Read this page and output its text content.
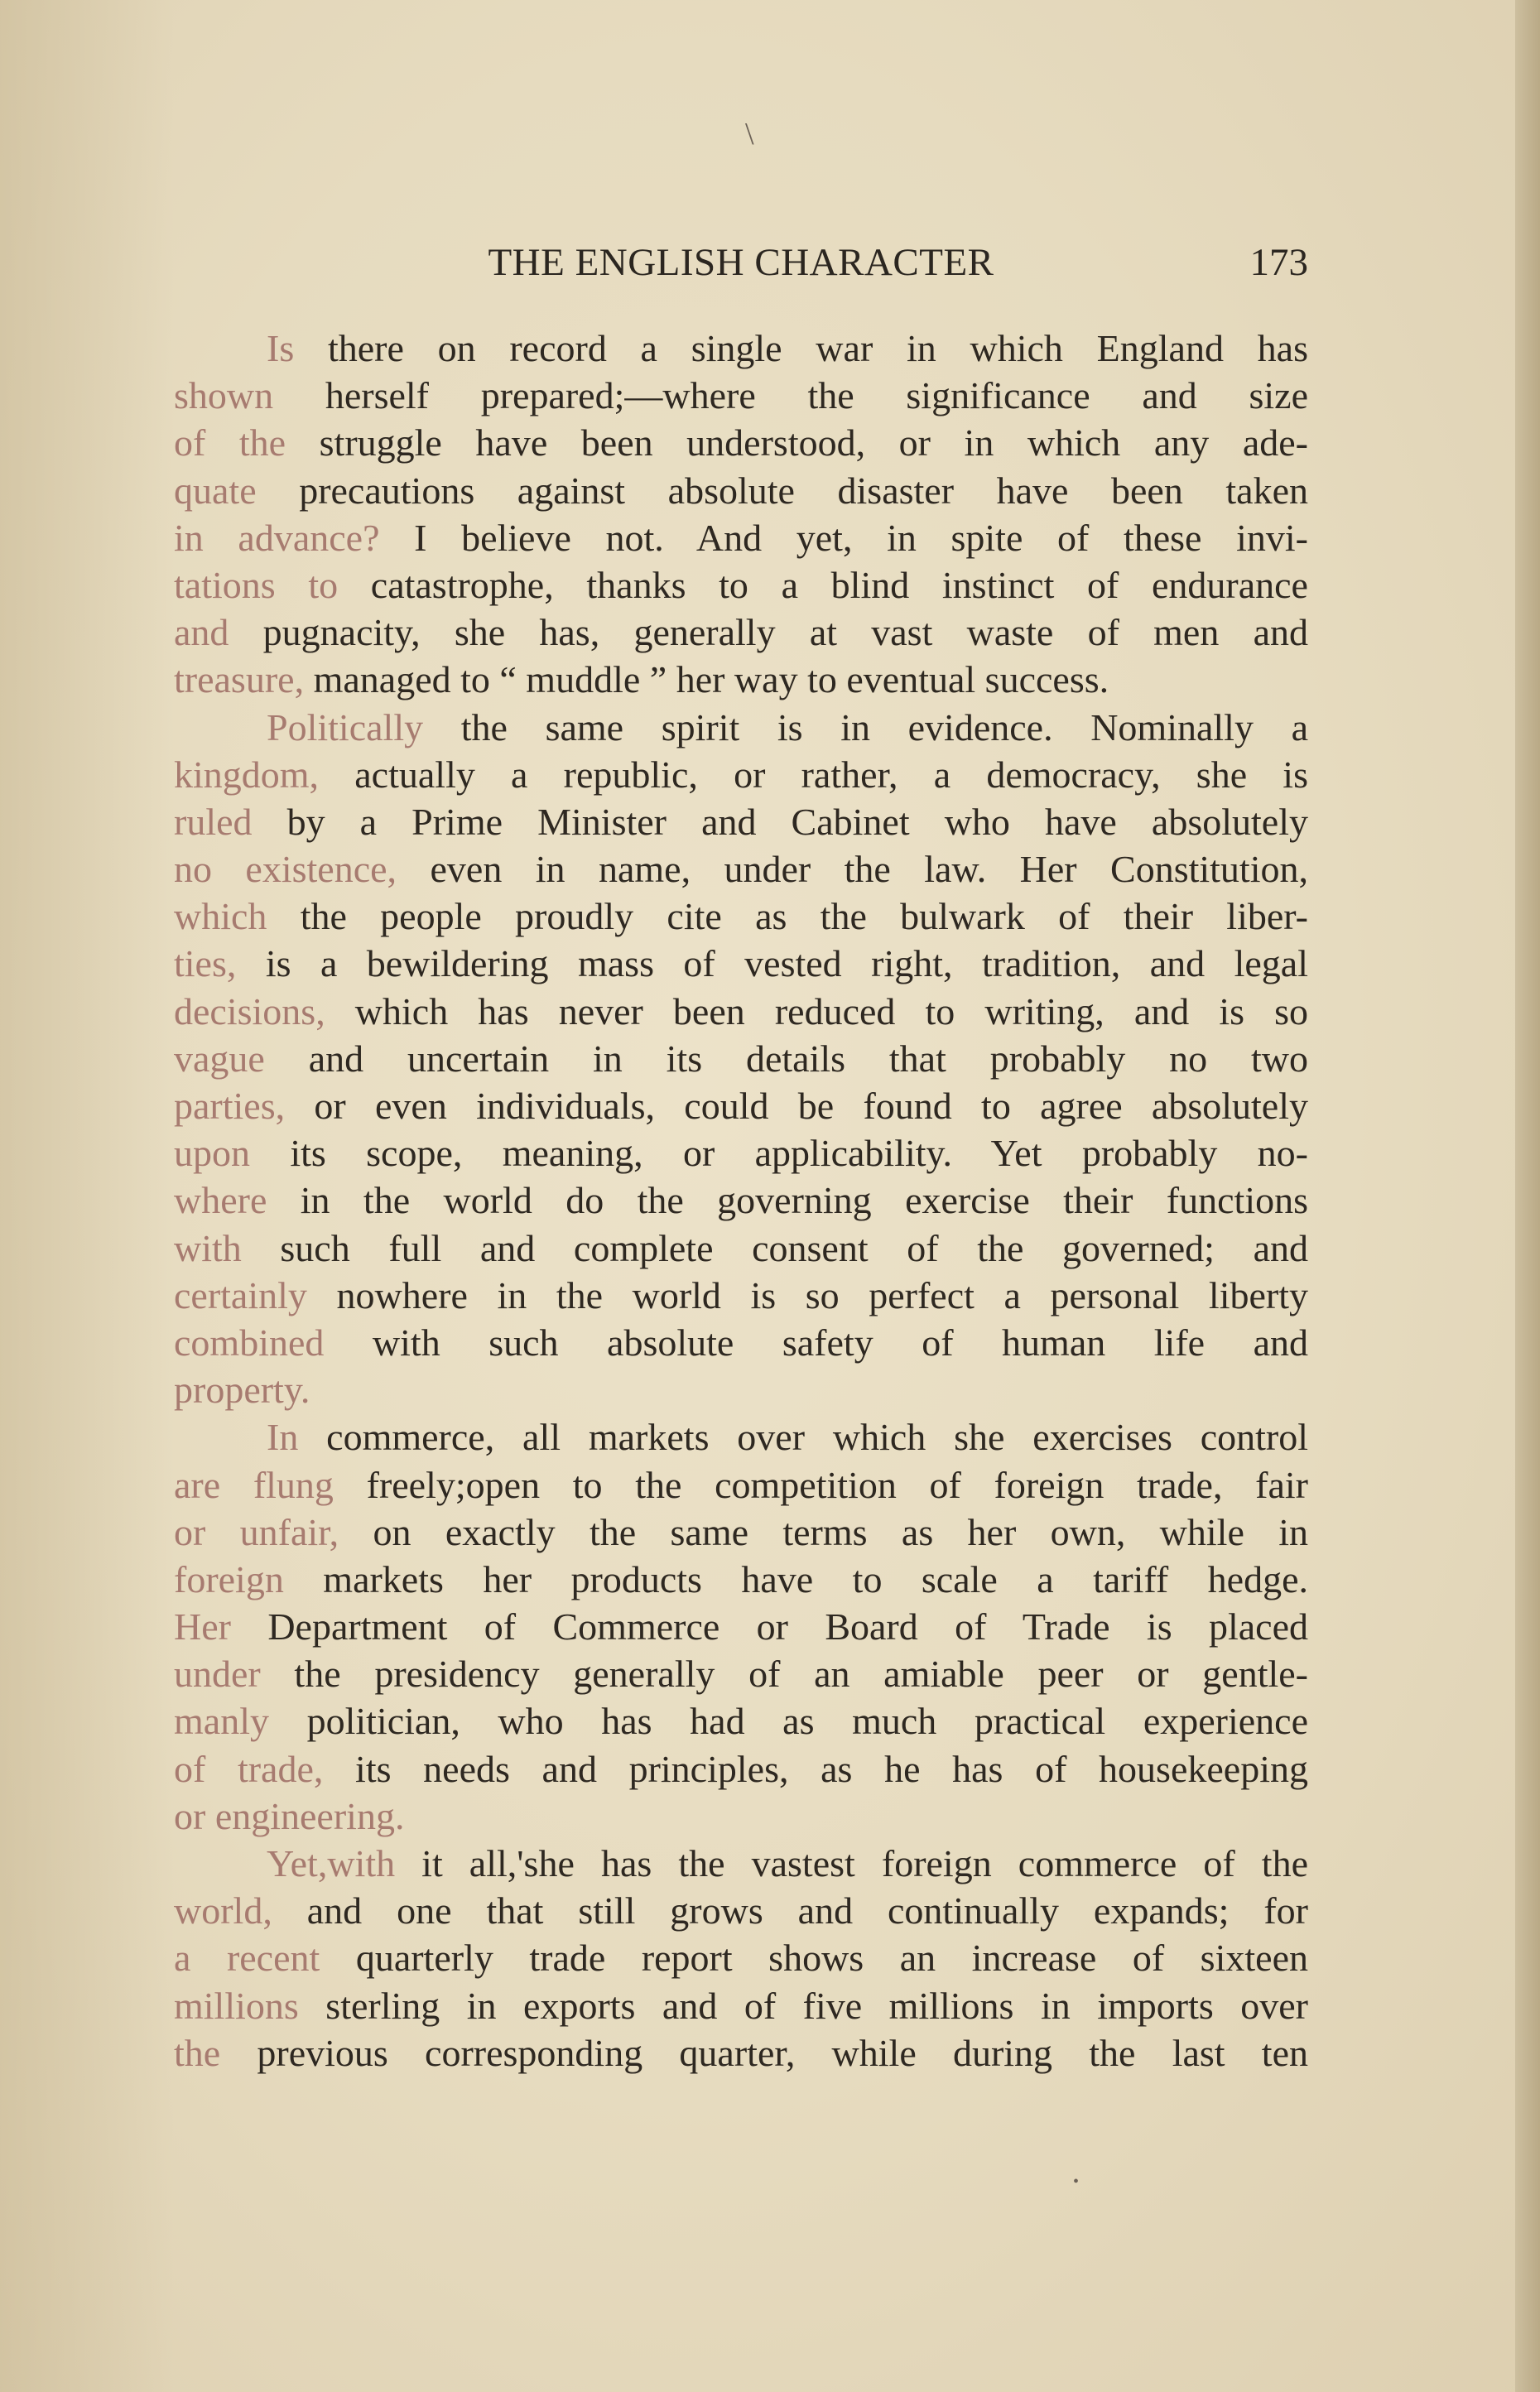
THE ENGLISH CHARACTER	173
Is there on record a single war in which England has
shown herself prepared;—where the significance and size
of the struggle have been understood, or in which any ade-
quate precautions against absolute disaster have been taken
in advance? I believe not. And yet, in spite of these invi-
tations to catastrophe, thanks to a blind instinct of endurance
and pugnacity, she has, generally at vast waste of men and
treasure, managed to “ muddle ” her way to eventual success.
Politically the same spirit is in evidence. Nominally a
kingdom, actually a republic, or rather, a democracy, she is
ruled by a Prime Minister and Cabinet who have absolutely
no existence, even in name, under the law. Her Constitution,
which the people proudly cite as the bulwark of their liber-
ties, is a bewildering mass of vested right, tradition, and legal
decisions, which has never been reduced to writing, and is so
vague and uncertain in its details that probably no two
parties, or even individuals, could be found to agree absolutely
upon its scope, meaning, or applicability. Yet probably no-
where in the world do the governing exercise their functions
with such full and complete consent of the governed; and
certainly nowhere in the world is so perfect a personal liberty
combined with such absolute safety of human life and
property.
In commerce, all markets over which she exercises control
are flung freely;open to the competition of foreign trade, fair
or unfair, on exactly the same terms as her own, while in
foreign markets her products have to scale a tariff hedge.
Her Department of Commerce or Board of Trade is placed
under the presidency generally of an amiable peer or gentle-
manly politician, who has had as much practical experience
of trade, its needs and principles, as he has of housekeeping
or engineering.
Yet,with it all,'she has the vastest foreign commerce of the
world, and one that still grows and continually expands; for
a recent quarterly trade report shows an increase of sixteen
millions sterling in exports and of five millions in imports over
the previous corresponding quarter, while during the last ten
\
•
